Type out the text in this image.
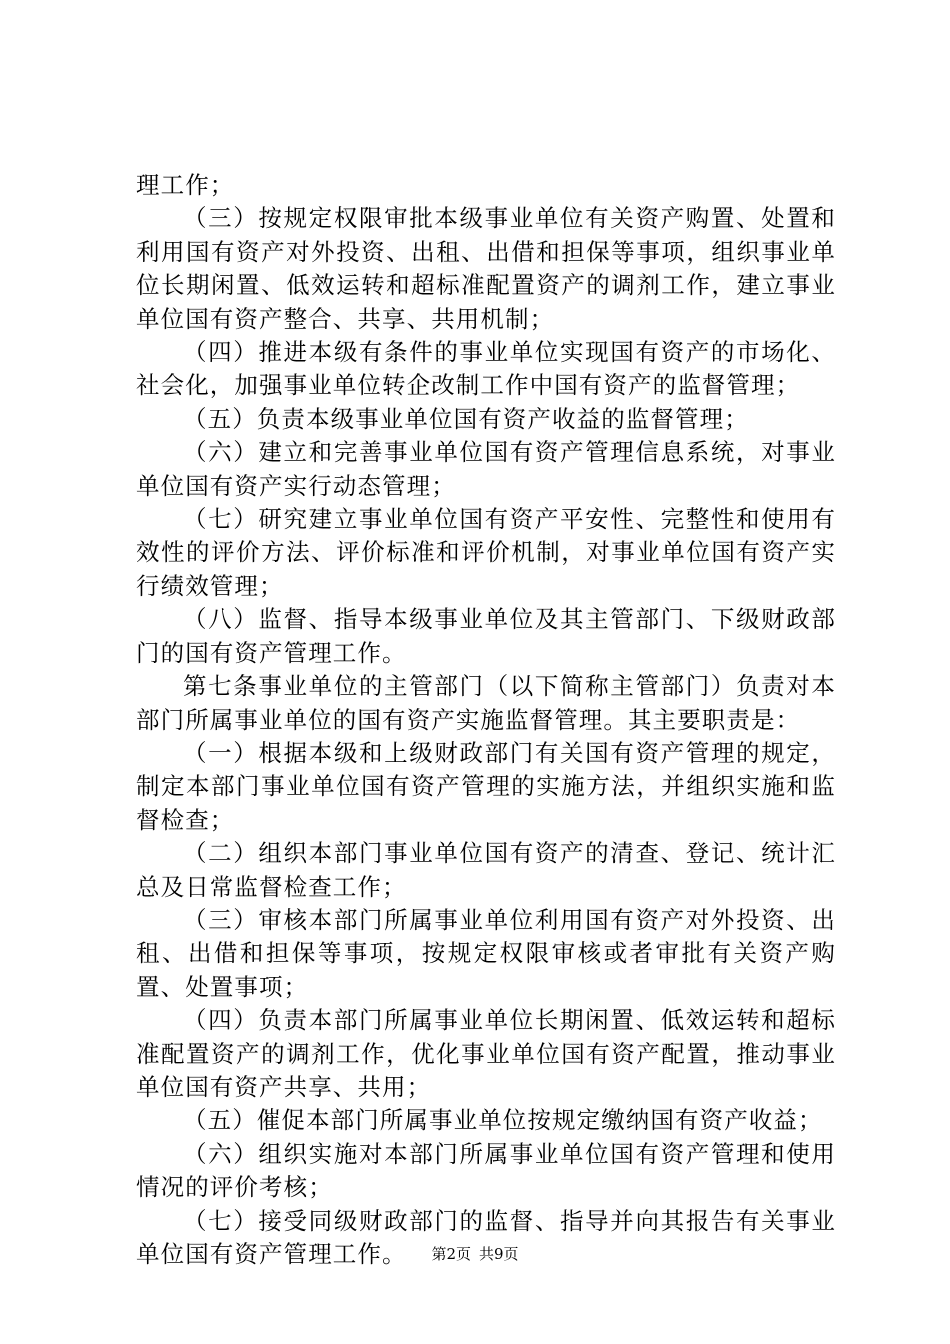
理工作；

（三）按规定权限审批本级事业单位有关资产购置、处置和利用国有资产对外投资、出租、出借和担保等事项，组织事业单位长期闲置、低效运转和超标准配置资产的调剂工作，建立事业单位国有资产整合、共享、共用机制；

（四）推进本级有条件的事业单位实现国有资产的市场化、社会化，加强事业单位转企改制工作中国有资产的监督管理；

（五）负责本级事业单位国有资产收益的监督管理；

（六）建立和完善事业单位国有资产管理信息系统，对事业单位国有资产实行动态管理；

（七）研究建立事业单位国有资产平安性、完整性和使用有效性的评价方法、评价标准和评价机制，对事业单位国有资产实行绩效管理；

（八）监督、指导本级事业单位及其主管部门、下级财政部门的国有资产管理工作。

第七条事业单位的主管部门（以下简称主管部门）负责对本部门所属事业单位的国有资产实施监督管理。其主要职责是：

（一）根据本级和上级财政部门有关国有资产管理的规定，制定本部门事业单位国有资产管理的实施方法，并组织实施和监督检查；

（二）组织本部门事业单位国有资产的清查、登记、统计汇总及日常监督检查工作；

（三）审核本部门所属事业单位利用国有资产对外投资、出租、出借和担保等事项，按规定权限审核或者审批有关资产购置、处置事项；

（四）负责本部门所属事业单位长期闲置、低效运转和超标准配置资产的调剂工作，优化事业单位国有资产配置，推动事业单位国有资产共享、共用；

（五）催促本部门所属事业单位按规定缴纳国有资产收益；

（六）组织实施对本部门所属事业单位国有资产管理和使用情况的评价考核；

（七）接受同级财政部门的监督、指导并向其报告有关事业单位国有资产管理工作。	第2页 共9页
